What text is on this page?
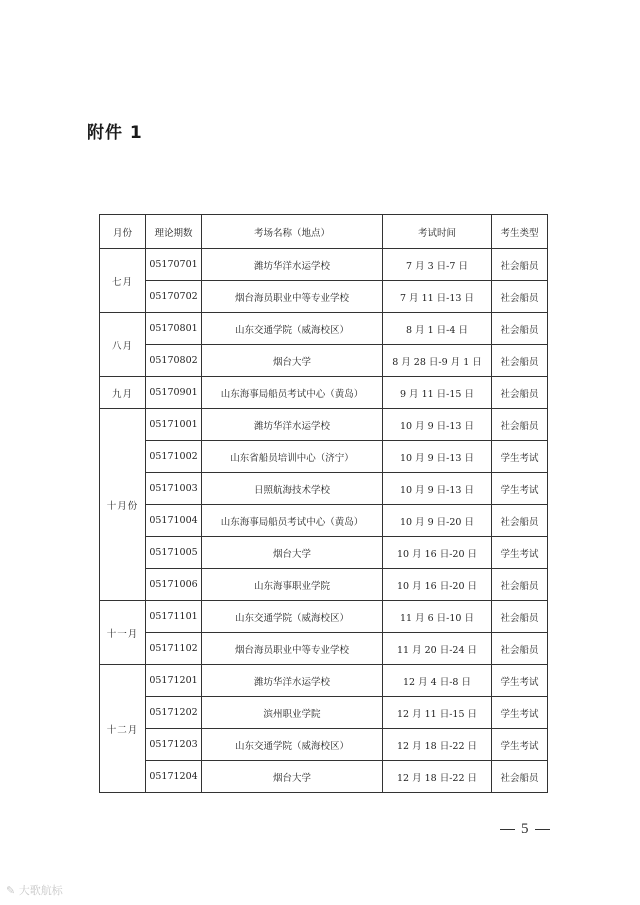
附件 1
月份	理论期数	考场名称（地点）	考试时间	考生类型
七月	05170701	潍坊华洋水运学校	7 月 3 日-7 日	社会船员
	05170702	烟台海员职业中等专业学校	7 月 11 日-13 日	社会船员
八月	05170801	山东交通学院（威海校区）	8 月 1 日-4 日	社会船员
	05170802	烟台大学	8 月 28 日-9 月 1 日	社会船员
九月	05170901	山东海事局船员考试中心（黄岛）	9 月 11 日-15 日	社会船员
十月份	05171001	潍坊华洋水运学校	10 月 9 日-13 日	社会船员
	05171002	山东省船员培训中心（济宁）	10 月 9 日-13 日	学生考试
	05171003	日照航海技术学校	10 月 9 日-13 日	学生考试
	05171004	山东海事局船员考试中心（黄岛）	10 月 9 日-20 日	社会船员
	05171005	烟台大学	10 月 16 日-20 日	学生考试
	05171006	山东海事职业学院	10 月 16 日-20 日	社会船员
十一月	05171101	山东交通学院（威海校区）	11 月 6 日-10 日	社会船员
	05171102	烟台海员职业中等专业学校	11 月 20 日-24 日	社会船员
十二月	05171201	潍坊华洋水运学校	12 月 4 日-8 日	学生考试
	05171202	滨州职业学院	12 月 11 日-15 日	学生考试
	05171203	山东交通学院（威海校区）	12 月 18 日-22 日	学生考试
	05171204	烟台大学	12 月 18 日-22 日	社会船员
5
✎ 大歌航标
